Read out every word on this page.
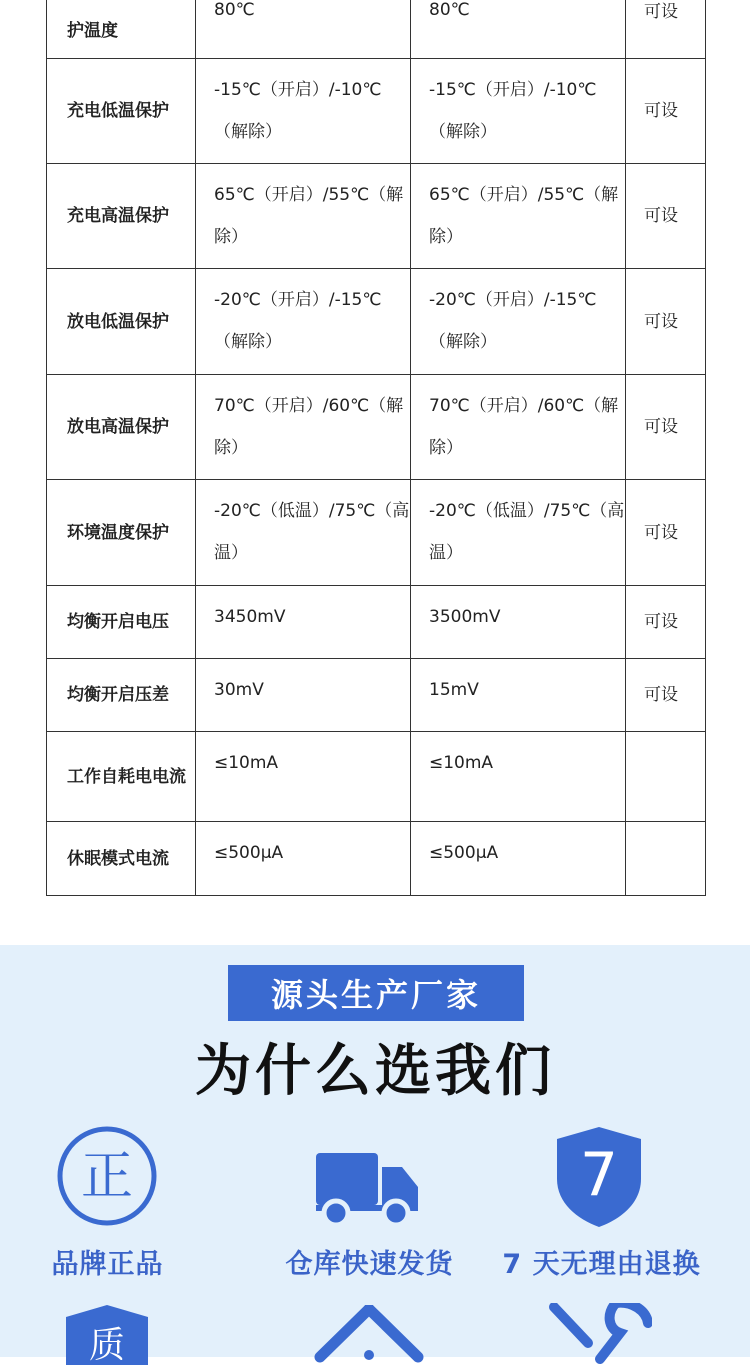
护温度	80℃	80℃	可设
充电低温保护	-15℃（开启）/-10℃（解除）	-15℃（开启）/-10℃（解除）	可设
充电高温保护	65℃（开启）/55℃（解除）	65℃（开启）/55℃（解除）	可设
放电低温保护	-20℃（开启）/-15℃（解除）	-20℃（开启）/-15℃（解除）	可设
放电高温保护	70℃（开启）/60℃（解除）	70℃（开启）/60℃（解除）	可设
环境温度保护	-20℃（低温）/75℃（高温）	-20℃（低温）/75℃（高温）	可设
均衡开启电压	3450mV	3500mV	可设
均衡开启压差	30mV	15mV	可设
工作自耗电电流	≤10mA	≤10mA	
休眠模式电流	≤500μA	≤500μA	
源头生产厂家
为什么选我们
正
品牌正品	仓库快速发货
7
7 天无理由退换
质
